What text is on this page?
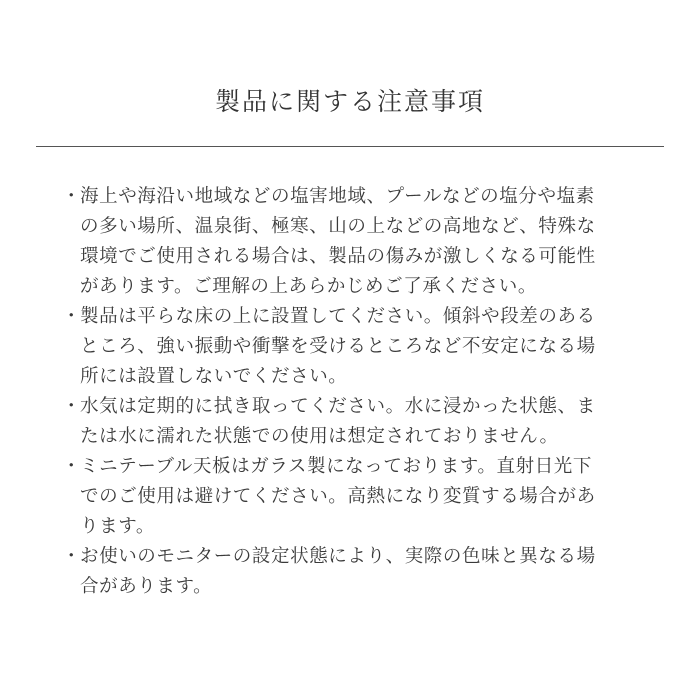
製品に関する注意事項
・
海上や海沿い地域などの塩害地域、プールなどの塩分や塩素
の多い場所、温泉街、極寒、山の上などの高地など、特殊な
環境でご使用される場合は、製品の傷みが激しくなる可能性
があります。ご理解の上あらかじめご了承ください。
・
製品は平らな床の上に設置してください。傾斜や段差のある
ところ、強い振動や衝撃を受けるところなど不安定になる場
所には設置しないでください。
・
水気は定期的に拭き取ってください。水に浸かった状態、ま
たは水に濡れた状態での使用は想定されておりません。
・
ミニテーブル天板はガラス製になっております。直射日光下
でのご使用は避けてください。高熱になり変質する場合があ
ります。
・
お使いのモニターの設定状態により、実際の色味と異なる場
合があります。
